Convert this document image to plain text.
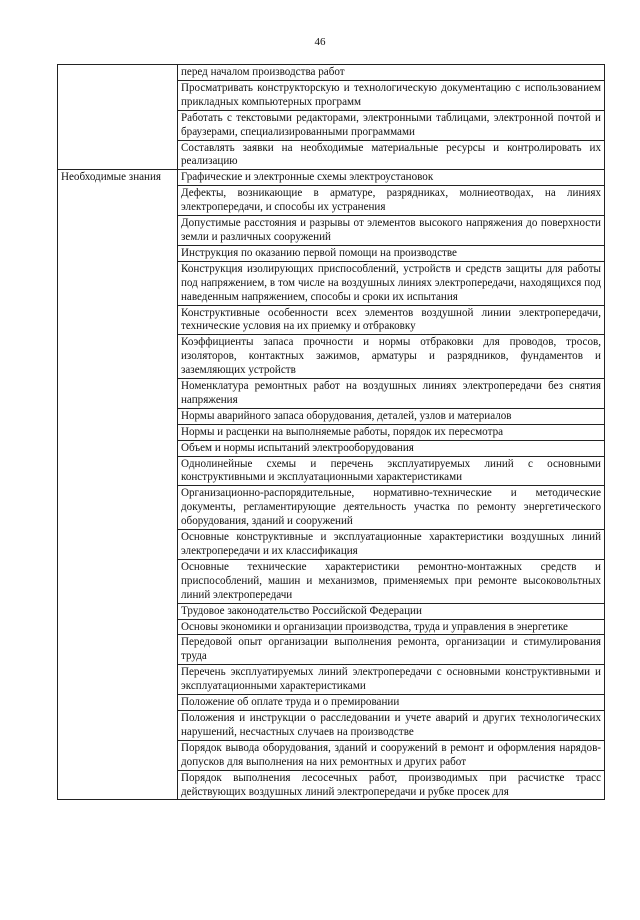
46
	перед началом производства работ
	Просматривать конструкторскую и технологическую документацию с использованием прикладных компьютерных программ
	Работать с текстовыми редакторами, электронными таблицами, электронной почтой и браузерами, специализированными программами
	Составлять заявки на необходимые материальные ресурсы и контролировать их реализацию
Необходимые знания	Графические и электронные схемы электроустановок
	Дефекты, возникающие в арматуре, разрядниках, молниеотводах, на линиях электропередачи, и способы их устранения
	Допустимые расстояния и разрывы от элементов высокого напряжения до поверхности земли и различных сооружений
	Инструкция по оказанию первой помощи на производстве
	Конструкция изолирующих приспособлений, устройств и средств защиты для работы под напряжением, в том числе на воздушных линиях электропередачи, находящихся под наведенным напряжением, способы и сроки их испытания
	Конструктивные особенности всех элементов воздушной линии электропередачи, технические условия на их приемку и отбраковку
	Коэффициенты запаса прочности и нормы отбраковки для проводов, тросов, изоляторов, контактных зажимов, арматуры и разрядников, фундаментов и заземляющих устройств
	Номенклатура ремонтных работ на воздушных линиях электропередачи без снятия напряжения
	Нормы аварийного запаса оборудования, деталей, узлов и материалов
	Нормы и расценки на выполняемые работы, порядок их пересмотра
	Объем и нормы испытаний электрооборудования
	Однолинейные схемы и перечень эксплуатируемых линий с основными конструктивными и эксплуатационными характеристиками
	Организационно-распорядительные, нормативно-технические и методические документы, регламентирующие деятельность участка по ремонту энергетического оборудования, зданий и сооружений
	Основные конструктивные и эксплуатационные характеристики воздушных линий электропередачи и их классификация
	Основные технические характеристики ремонтно-монтажных средств и приспособлений, машин и механизмов, применяемых при ремонте высоковольтных линий электропередачи
	Трудовое законодательство Российской Федерации
	Основы экономики и организации производства, труда и управления в энергетике
	Передовой опыт организации выполнения ремонта, организации и стимулирования труда
	Перечень эксплуатируемых линий электропередачи с основными конструктивными и эксплуатационными характеристиками
	Положение об оплате труда и о премировании
	Положения и инструкции о расследовании и учете аварий и других технологических нарушений, несчастных случаев на производстве
	Порядок вывода оборудования, зданий и сооружений в ремонт и оформления нарядов-допусков для выполнения на них ремонтных и других работ
	Порядок выполнения лесосечных работ, производимых при расчистке трасс действующих воздушных линий электропередачи и рубке просек для
